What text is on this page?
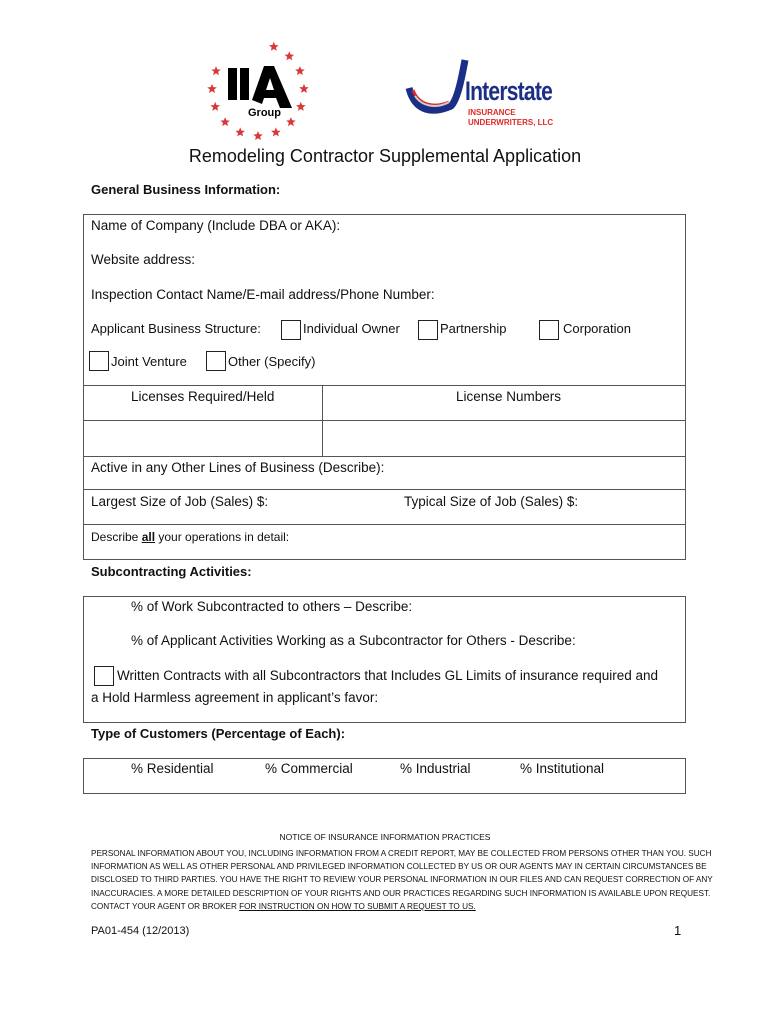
Group
Interstate
INSURANCE
UNDERWRITERS, LLC
Remodeling Contractor Supplemental Application
General Business Information:
Name of Company (Include DBA or AKA):
Website address:
Inspection Contact Name/E-mail address/Phone Number:
Applicant Business Structure:	Individual Owner	Partnership	Corporation
Joint Venture	Other (Specify)
Licenses Required/Held	License Numbers
Active in any Other Lines of Business (Describe):
Largest Size of Job (Sales) $:	Typical Size of Job (Sales) $:
Describe all your operations in detail:
Subcontracting Activities:
% of Work Subcontracted to others – Describe:
% of Applicant Activities Working as a Subcontractor for Others - Describe:
Written Contracts with all Subcontractors that Includes GL Limits of insurance required and
a Hold Harmless agreement in applicant’s favor:
Type of Customers (Percentage of Each):
% Residential	% Commercial	% Industrial	% Institutional
NOTICE OF INSURANCE INFORMATION PRACTICES
PERSONAL INFORMATION ABOUT YOU, INCLUDING INFORMATION FROM A CREDIT REPORT, MAY BE COLLECTED FROM PERSONS OTHER THAN YOU. SUCH
INFORMATION AS WELL AS OTHER PERSONAL AND PRIVILEGED INFORMATION COLLECTED BY US OR OUR AGENTS MAY IN CERTAIN CIRCUMSTANCES BE
DISCLOSED TO THIRD PARTIES. YOU HAVE THE RIGHT TO REVIEW YOUR PERSONAL INFORMATION IN OUR FILES AND CAN REQUEST CORRECTION OF ANY
INACCURACIES. A MORE DETAILED DESCRIPTION OF YOUR RIGHTS AND OUR PRACTICES REGARDING SUCH INFORMATION IS AVAILABLE UPON REQUEST.
CONTACT YOUR AGENT OR BROKER FOR INSTRUCTION ON HOW TO SUBMIT A REQUEST TO US.
PA01-454 (12/2013)	1
